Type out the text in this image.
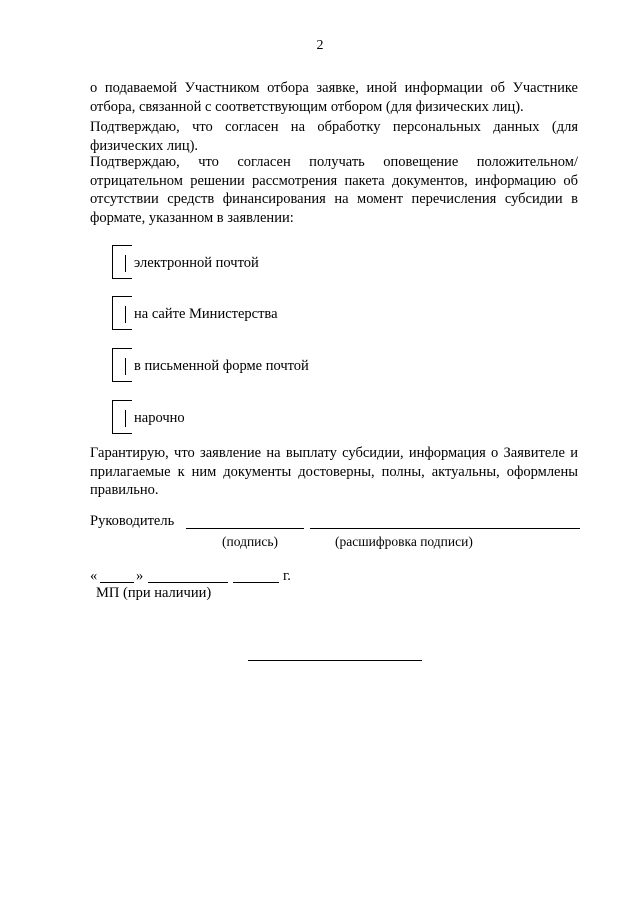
2
о подаваемой Участником отбора заявке, иной информации об Участнике отбора, связанной с соответствующим отбором (для физических лиц).
Подтверждаю, что согласен на обработку персональных данных (для физических лиц).
Подтверждаю, что согласен получать оповещение положительном/отрицательном решении рассмотрения пакета документов, информацию об отсутствии средств финансирования на момент перечисления субсидии в формате, указанном в заявлении:
электронной почтой
на сайте Министерства
в письменной форме почтой
нарочно
Гарантирую, что заявление на выплату субсидии, информация о Заявителе и прилагаемые к ним документы достоверны, полны, актуальны, оформлены правильно.
Руководитель
(подпись)	(расшифровка подписи)
«	»	г.
МП (при наличии)
